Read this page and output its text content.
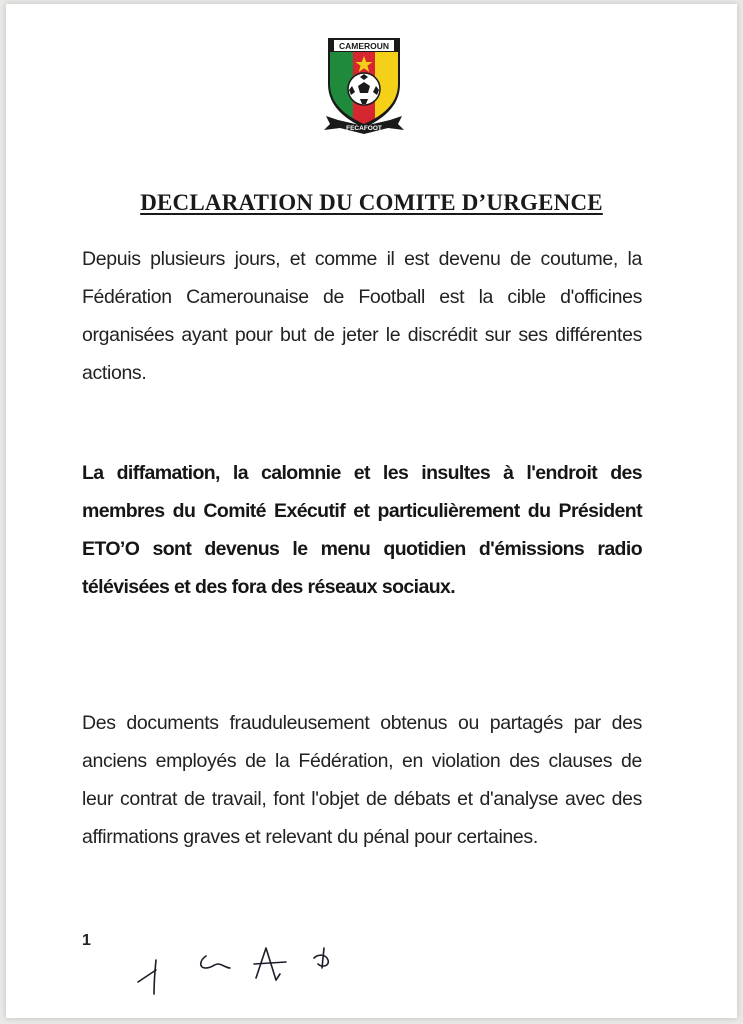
CAMEROUN
FECAFOOT
DECLARATION DU COMITE D’URGENCE
Depuis plusieurs jours, et comme il est devenu de coutume, la Fédération Camerounaise de Football est la cible d'officines organisées ayant pour but de jeter le discrédit sur ses différentes actions.
La diffamation, la calomnie et les insultes à l'endroit des membres du Comité Exécutif et particulièrement du Président ETO’O sont devenus le menu quotidien d'émissions radio télévisées et des fora des réseaux sociaux.
Des documents frauduleusement obtenus ou partagés par des anciens employés de la Fédération, en violation des clauses de leur contrat de travail, font l'objet de débats et d'analyse avec des affirmations graves et relevant du pénal pour certaines.
1
